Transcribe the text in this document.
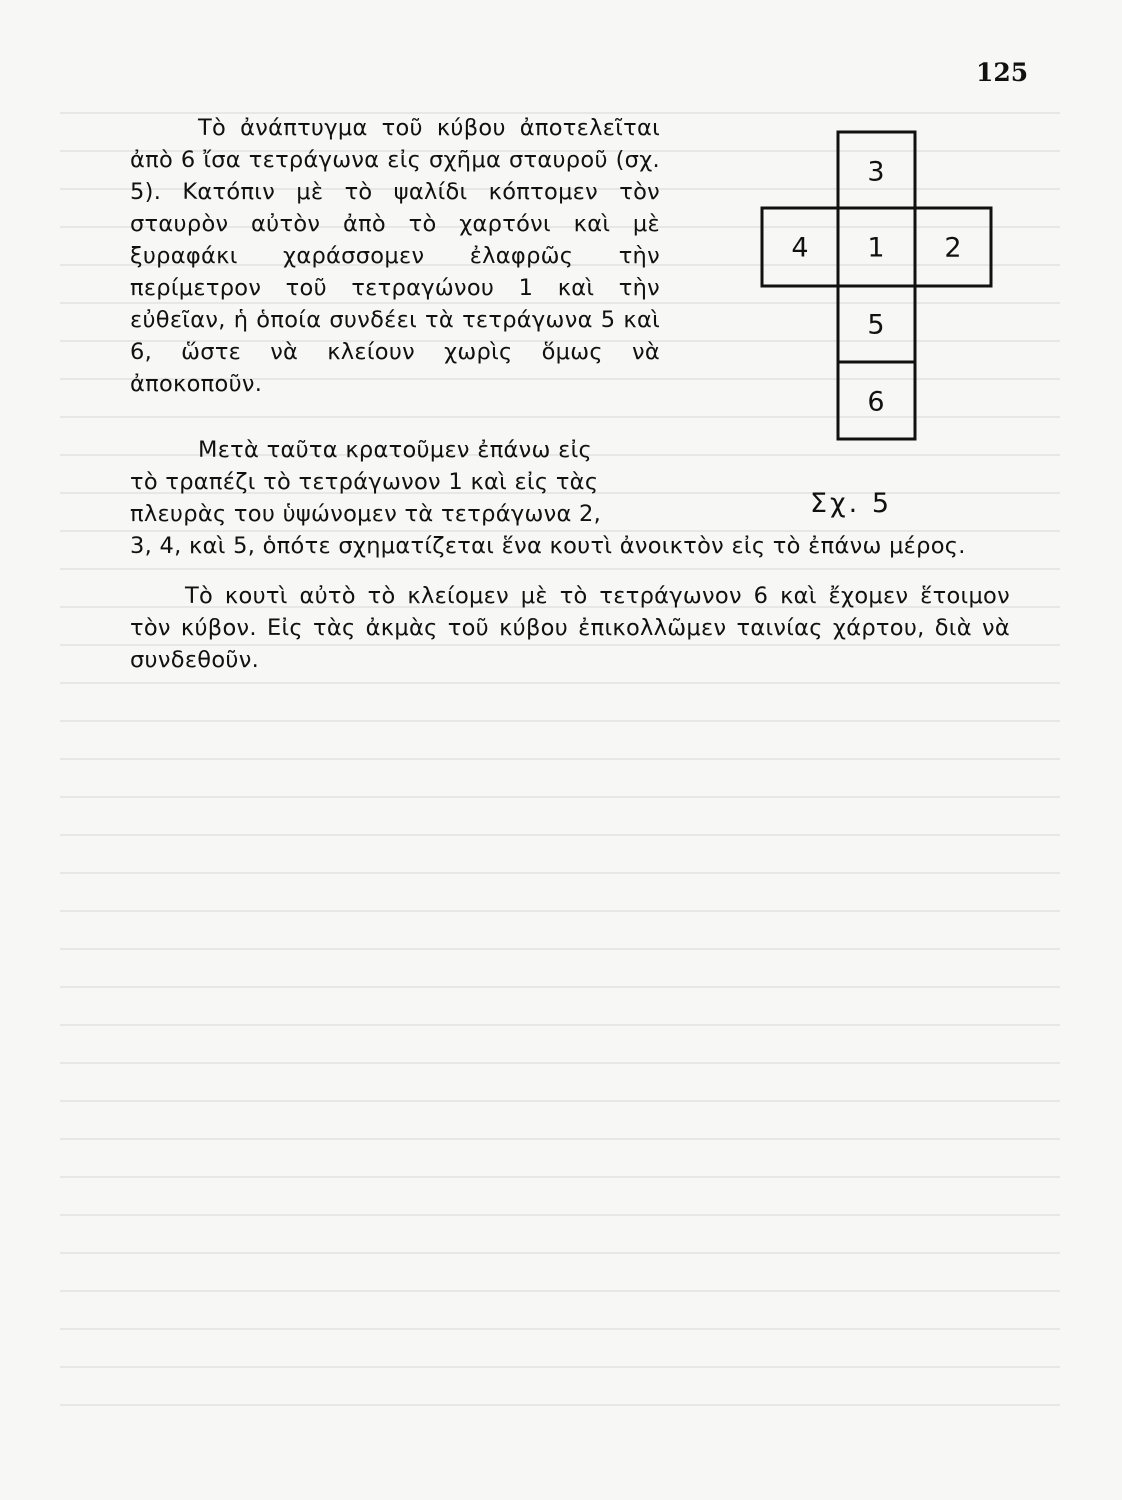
125
Τὸ ἀνάπτυγμα τοῦ κύβου ἀποτελεῖται ἀπὸ 6 ἴσα τετράγωνα εἰς σχῆμα σταυροῦ (σχ. 5). Κατόπιν μὲ τὸ ψαλίδι κόπτομεν τὸν σταυρὸν αὐτὸν ἀπὸ τὸ χαρτόνι καὶ μὲ ξυραφάκι χαράσσομεν ἐλαφρῶς τὴν περίμετρον τοῦ τετραγώνου 1 καὶ τὴν εὐθεῖαν, ἡ ὁποία συνδέει τὰ τετράγωνα 5 καὶ 6, ὥστε νὰ κλείουν χωρὶς ὅμως νὰ ἀποκοποῦν.
Μετὰ ταῦτα κρατοῦμεν ἐπάνω εἰς
τὸ τραπέζι τὸ τετράγωνον 1 καὶ εἰς τὰς
πλευρὰς του ὑψώνομεν τὰ τετράγωνα 2,
3, 4, καὶ 5, ὁπότε σχηματίζεται ἕνα κουτὶ ἀνοικτὸν εἰς τὸ ἐπάνω μέρος.
Τὸ κουτὶ αὐτὸ τὸ κλείομεν μὲ τὸ τετράγωνον 6 καὶ ἔχομεν ἕτοιμον τὸν κύβον. Εἰς τὰς ἀκμὰς τοῦ κύβου ἐπικολλῶμεν ταινίας χάρτου, διὰ νὰ συνδεθοῦν.
3
4 1 2
5
6
Σχ. 5
